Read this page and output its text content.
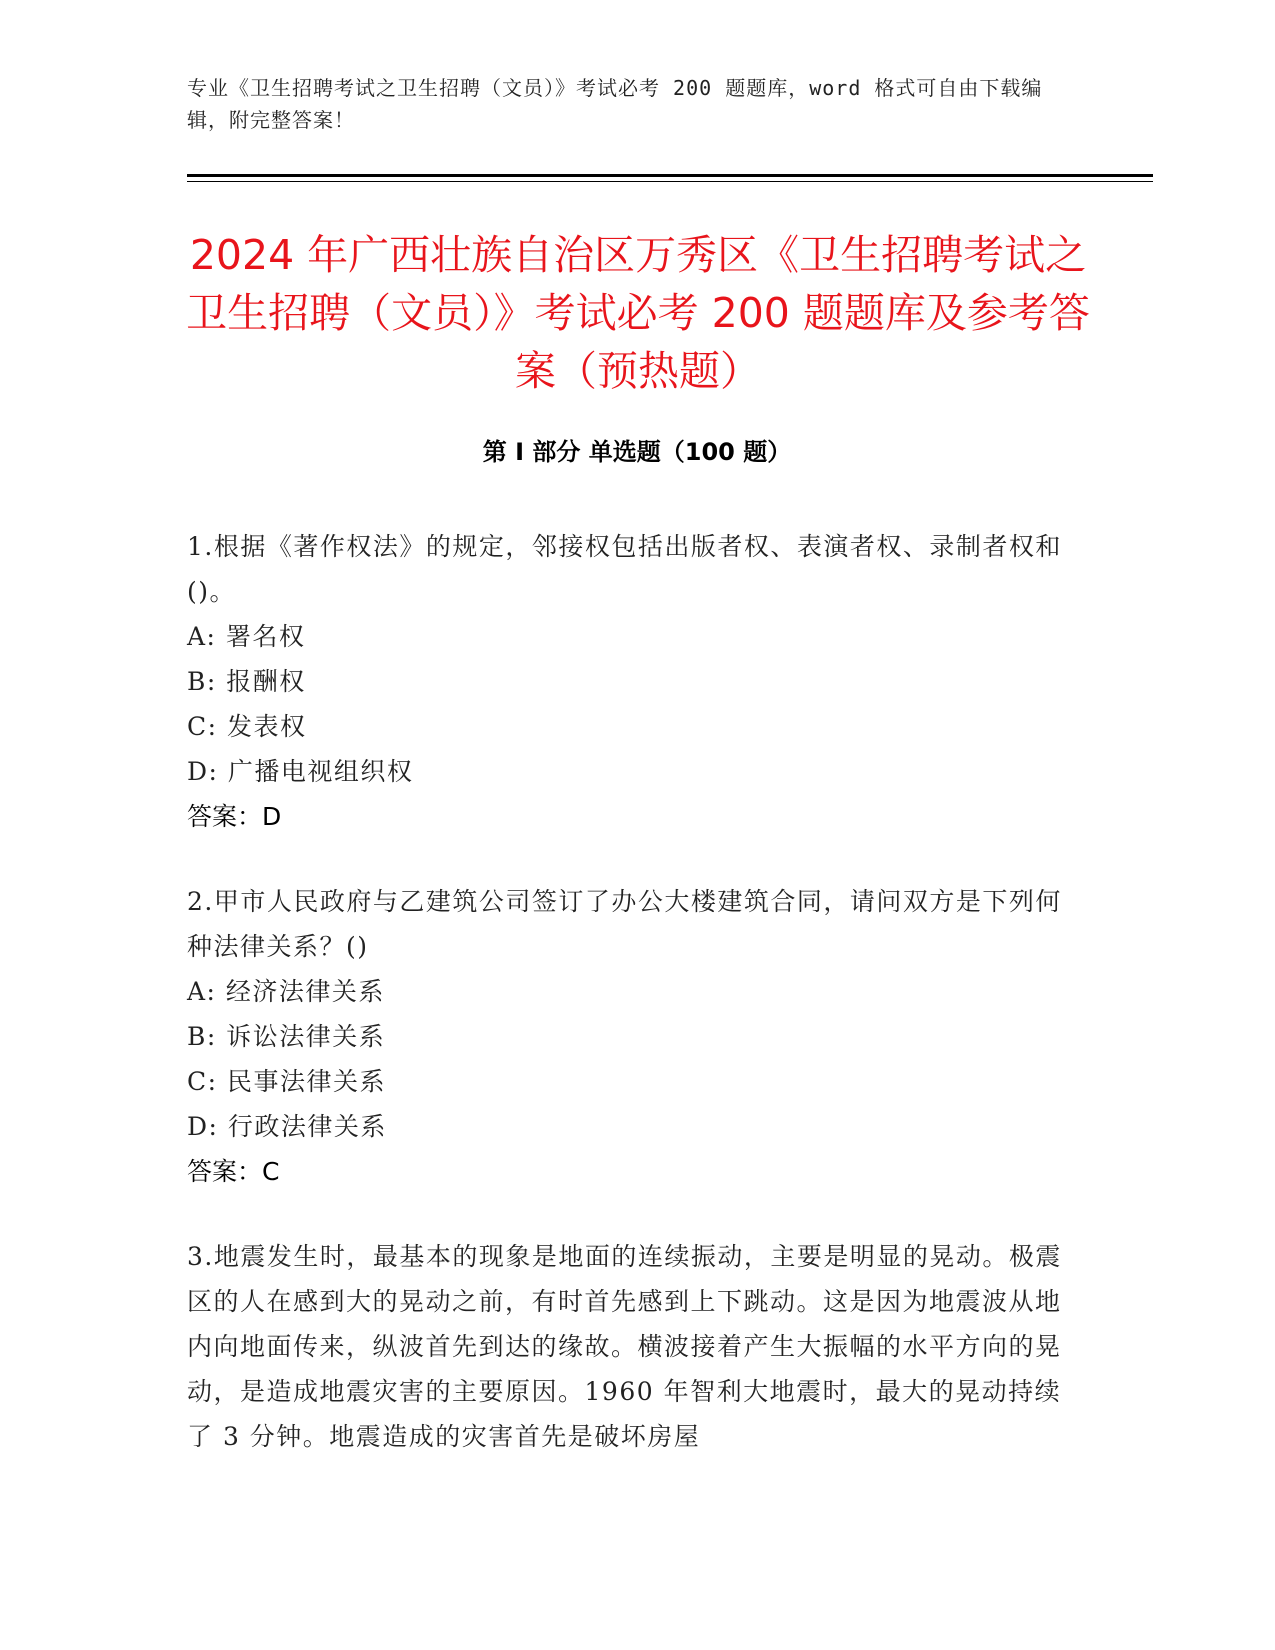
专业《卫生招聘考试之卫生招聘（文员）》考试必考 200 题题库，word 格式可自由下载编辑，附完整答案！
2024 年广西壮族自治区万秀区《卫生招聘考试之卫生招聘（文员）》考试必考 200 题题库及参考答案（预热题）
第 I 部分 单选题（100 题）

1.根据《著作权法》的规定，邻接权包括出版者权、表演者权、录制者权和()。

A: 署名权

B: 报酬权

C: 发表权

D: 广播电视组织权

答案：D

2.甲市人民政府与乙建筑公司签订了办公大楼建筑合同，请问双方是下列何种法律关系？()

A: 经济法律关系

B: 诉讼法律关系

C: 民事法律关系

D: 行政法律关系

答案：C

3.地震发生时，最基本的现象是地面的连续振动，主要是明显的晃动。极震区的人在感到大的晃动之前，有时首先感到上下跳动。这是因为地震波从地内向地面传来，纵波首先到达的缘故。横波接着产生大振幅的水平方向的晃动，是造成地震灾害的主要原因。1960 年智利大地震时，最大的晃动持续了 3 分钟。地震造成的灾害首先是破坏房屋
